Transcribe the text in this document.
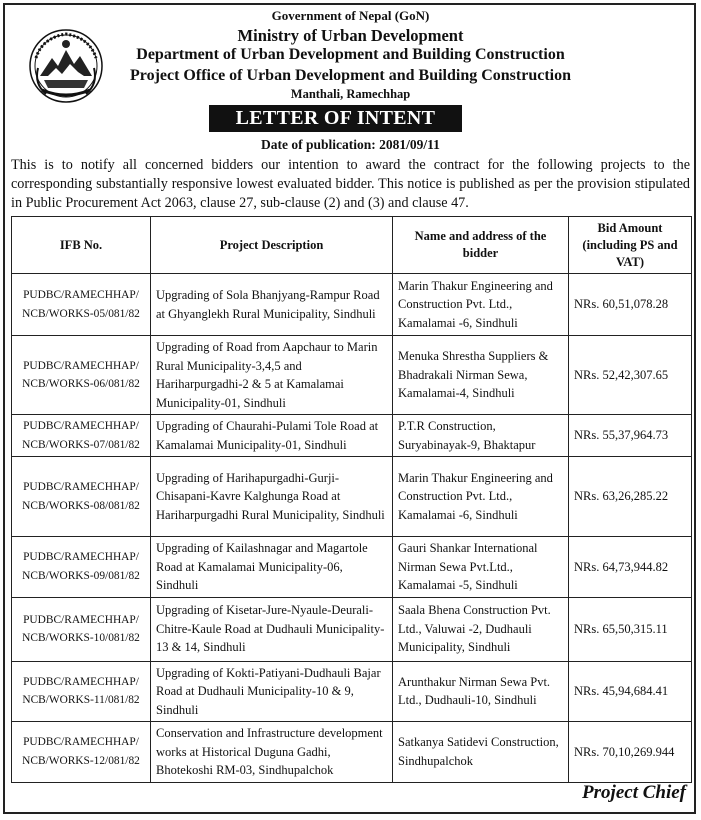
Government of Nepal (GoN)
Ministry of Urban Development
Department of Urban Development and Building Construction
Project Office of Urban Development and Building Construction
Manthali, Ramechhap
LETTER OF INTENT
Date of publication: 2081/09/11
This is to notify all concerned bidders our intention to award the contract for the following projects to the corresponding substantially responsive lowest evaluated bidder. This notice is published as per the provision stipulated in Public Procurement Act 2063, clause 27, sub-clause (2) and (3) and clause 47.
IFB No.	Project Description	Name and address of the bidder	Bid Amount (including PS and VAT)

PUDBC/RAMECHHAP/
NCB/WORKS-05/081/82	Upgrading of Sola Bhanjyang-Rampur Road at Ghyanglekh Rural Municipality, Sindhuli	Marin Thakur Engineering and Construction Pvt. Ltd., Kamalamai -6, Sindhuli	NRs. 60,51,078.28

PUDBC/RAMECHHAP/
NCB/WORKS-06/081/82	Upgrading of Road from Aapchaur to Marin Rural Municipality-3,4,5 and Hariharpurgadhi-2 & 5 at Kamalamai Municipality-01, Sindhuli	Menuka Shrestha Suppliers & Bhadrakali Nirman Sewa, Kamalamai-4, Sindhuli	NRs. 52,42,307.65

PUDBC/RAMECHHAP/
NCB/WORKS-07/081/82	Upgrading of Chaurahi-Pulami Tole Road at Kamalamai Municipality-01, Sindhuli	P.T.R Construction, Suryabinayak-9, Bhaktapur	NRs. 55,37,964.73

PUDBC/RAMECHHAP/
NCB/WORKS-08/081/82	Upgrading of Harihapurgadhi-Gurji-Chisapani-Kavre Kalghunga Road at Hariharpurgadhi Rural Municipality, Sindhuli	Marin Thakur Engineering and Construction Pvt. Ltd., Kamalamai -6, Sindhuli	NRs. 63,26,285.22

PUDBC/RAMECHHAP/
NCB/WORKS-09/081/82	Upgrading of Kailashnagar and Magartole Road at Kamalamai Municipality-06, Sindhuli	Gauri Shankar International Nirman Sewa Pvt.Ltd., Kamalamai -5, Sindhuli	NRs. 64,73,944.82

PUDBC/RAMECHHAP/
NCB/WORKS-10/081/82	Upgrading of Kisetar-Jure-Nyaule-Deurali-Chitre-Kaule Road at Dudhauli Municipality-13 & 14, Sindhuli	Saala Bhena Construction Pvt. Ltd., Valuwai -2, Dudhauli Municipality, Sindhuli	NRs. 65,50,315.11

PUDBC/RAMECHHAP/
NCB/WORKS-11/081/82	Upgrading of Kokti-Patiyani-Dudhauli Bajar Road at Dudhauli Municipality-10 & 9, Sindhuli	Arunthakur Nirman Sewa Pvt. Ltd., Dudhauli-10, Sindhuli	NRs. 45,94,684.41

PUDBC/RAMECHHAP/
NCB/WORKS-12/081/82	Conservation and Infrastructure development works at Historical Duguna Gadhi, Bhotekoshi RM-03, Sindhupalchok	Satkanya Satidevi Construction, Sindhupalchok	NRs. 70,10,269.944
Project Chief
